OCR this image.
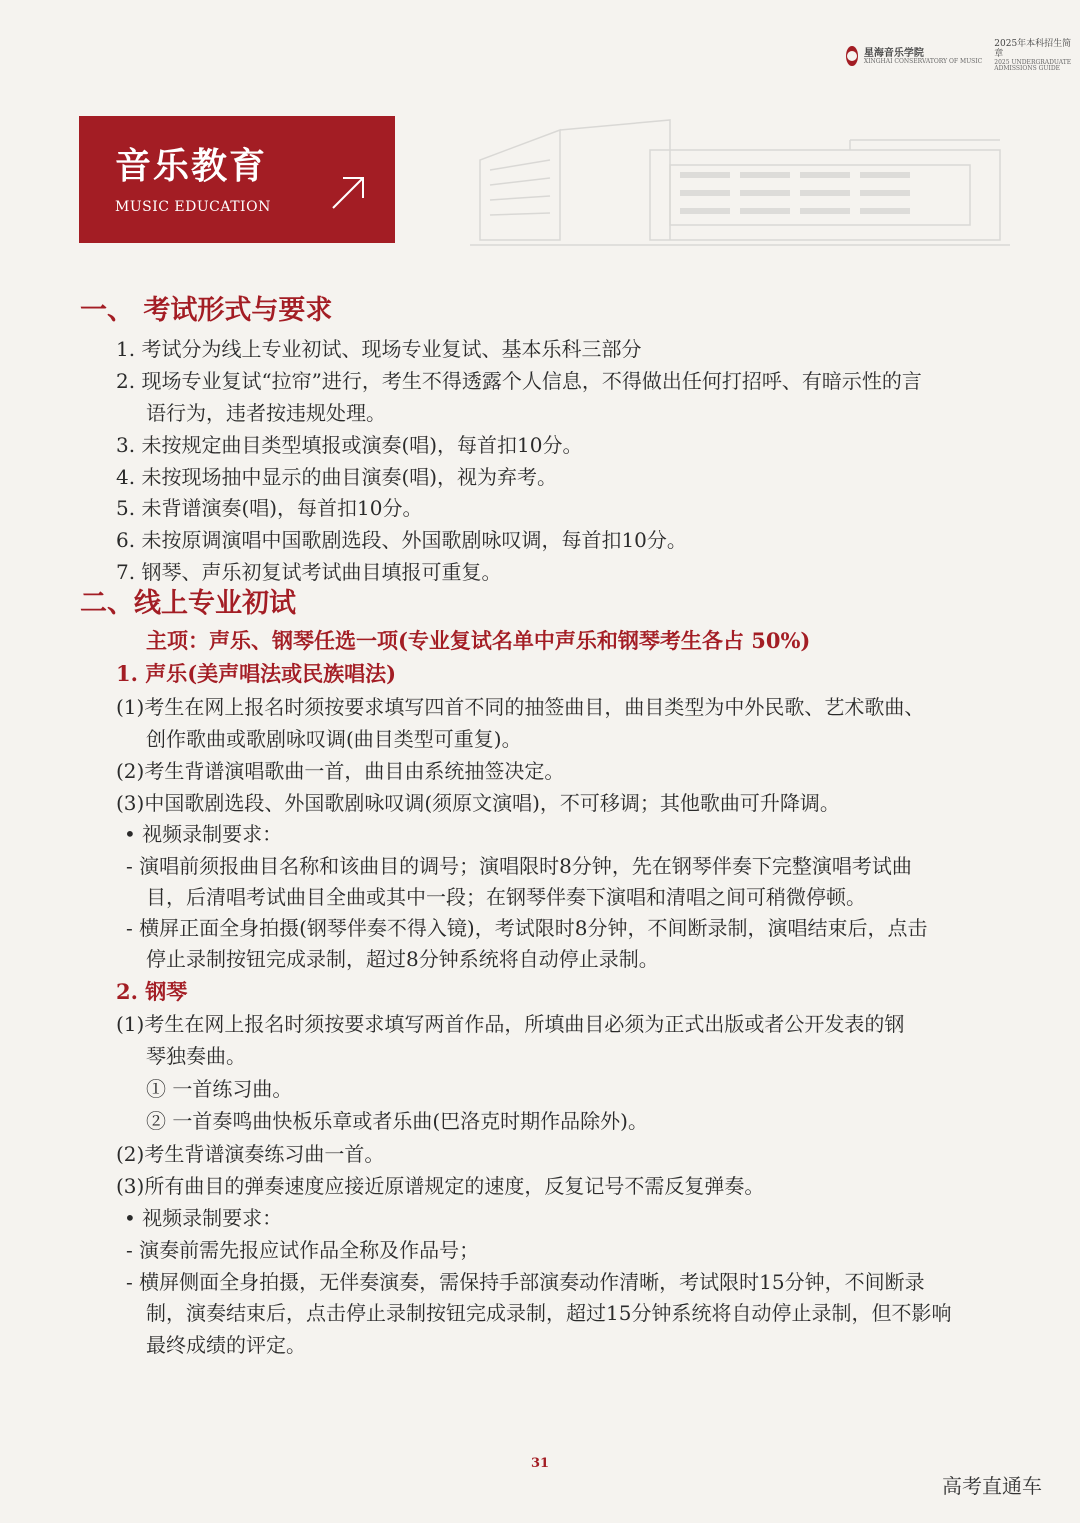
星海音乐学院
XINGHAI CONSERVATORY OF MUSIC
2025年本科招生简章
2025 UNDERGRADUATE ADMISSIONS GUIDE
音乐教育
MUSIC EDUCATION
一、 考试形式与要求
1. 考试分为线上专业初试、现场专业复试、基本乐科三部分
2. 现场专业复试“拉帘”进行，考生不得透露个人信息，不得做出任何打招呼、有暗示性的言
语行为，违者按违规处理。
3. 未按规定曲目类型填报或演奏(唱)，每首扣10分。
4. 未按现场抽中显示的曲目演奏(唱)，视为弃考。
5. 未背谱演奏(唱)，每首扣10分。
6. 未按原调演唱中国歌剧选段、外国歌剧咏叹调，每首扣10分。
7. 钢琴、声乐初复试考试曲目填报可重复。
二、线上专业初试
主项：声乐、钢琴任选一项(专业复试名单中声乐和钢琴考生各占 50%)
1. 声乐(美声唱法或民族唱法)
(1)考生在网上报名时须按要求填写四首不同的抽签曲目，曲目类型为中外民歌、艺术歌曲、
创作歌曲或歌剧咏叹调(曲目类型可重复)。
(2)考生背谱演唱歌曲一首，曲目由系统抽签决定。
(3)中国歌剧选段、外国歌剧咏叹调(须原文演唱)，不可移调；其他歌曲可升降调。
• 视频录制要求：
- 演唱前须报曲目名称和该曲目的调号；演唱限时8分钟，先在钢琴伴奏下完整演唱考试曲
目，后清唱考试曲目全曲或其中一段；在钢琴伴奏下演唱和清唱之间可稍微停顿。
- 横屏正面全身拍摄(钢琴伴奏不得入镜)，考试限时8分钟，不间断录制，演唱结束后，点击
停止录制按钮完成录制，超过8分钟系统将自动停止录制。
2. 钢琴
(1)考生在网上报名时须按要求填写两首作品，所填曲目必须为正式出版或者公开发表的钢
琴独奏曲。
① 一首练习曲。
② 一首奏鸣曲快板乐章或者乐曲(巴洛克时期作品除外)。
(2)考生背谱演奏练习曲一首。
(3)所有曲目的弹奏速度应接近原谱规定的速度，反复记号不需反复弹奏。
• 视频录制要求：
- 演奏前需先报应试作品全称及作品号；
- 横屏侧面全身拍摄，无伴奏演奏，需保持手部演奏动作清晰，考试限时15分钟，不间断录
制，演奏结束后，点击停止录制按钮完成录制，超过15分钟系统将自动停止录制，但不影响
最终成绩的评定。
31
高考直通车
